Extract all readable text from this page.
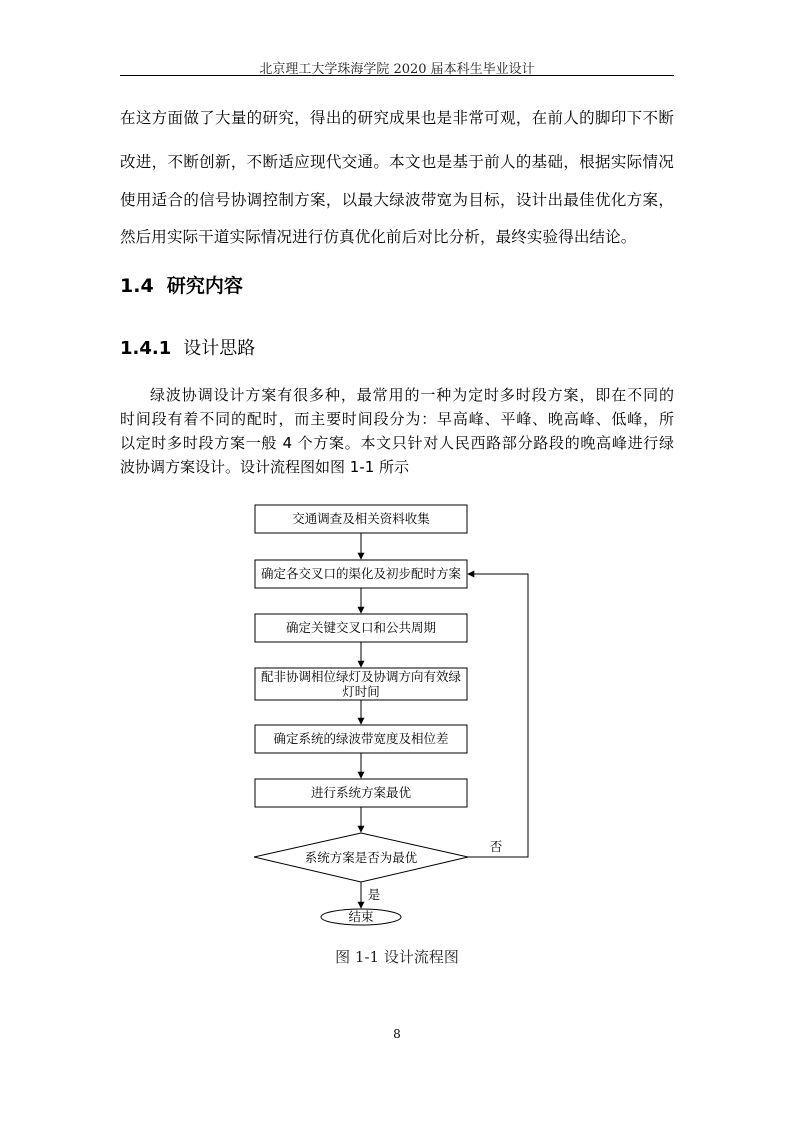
北京理工大学珠海学院 2020 届本科生毕业设计
在这方面做了大量的研究，得出的研究成果也是非常可观，在前人的脚印下不断
改进，不断创新，不断适应现代交通。本文也是基于前人的基础，根据实际情况
使用适合的信号协调控制方案，以最大绿波带宽为目标，设计出最佳优化方案，
然后用实际干道实际情况进行仿真优化前后对比分析，最终实验得出结论。
1.4 研究内容
1.4.1 设计思路
绿波协调设计方案有很多种，最常用的一种为定时多时段方案，即在不同的
时间段有着不同的配时，而主要时间段分为：早高峰、平峰、晚高峰、低峰，所
以定时多时段方案一般 4 个方案。本文只针对人民西路部分路段的晚高峰进行绿
波协调方案设计。设计流程图如图 1-1 所示
交通调查及相关资料收集
确定各交叉口的渠化及初步配时方案
确定关键交叉口和公共周期
配非协调相位绿灯及协调方向有效绿
灯时间
确定系统的绿波带宽度及相位差
进行系统方案最优
系统方案是否为最优
否
是
结束
图 1-1 设计流程图
8
